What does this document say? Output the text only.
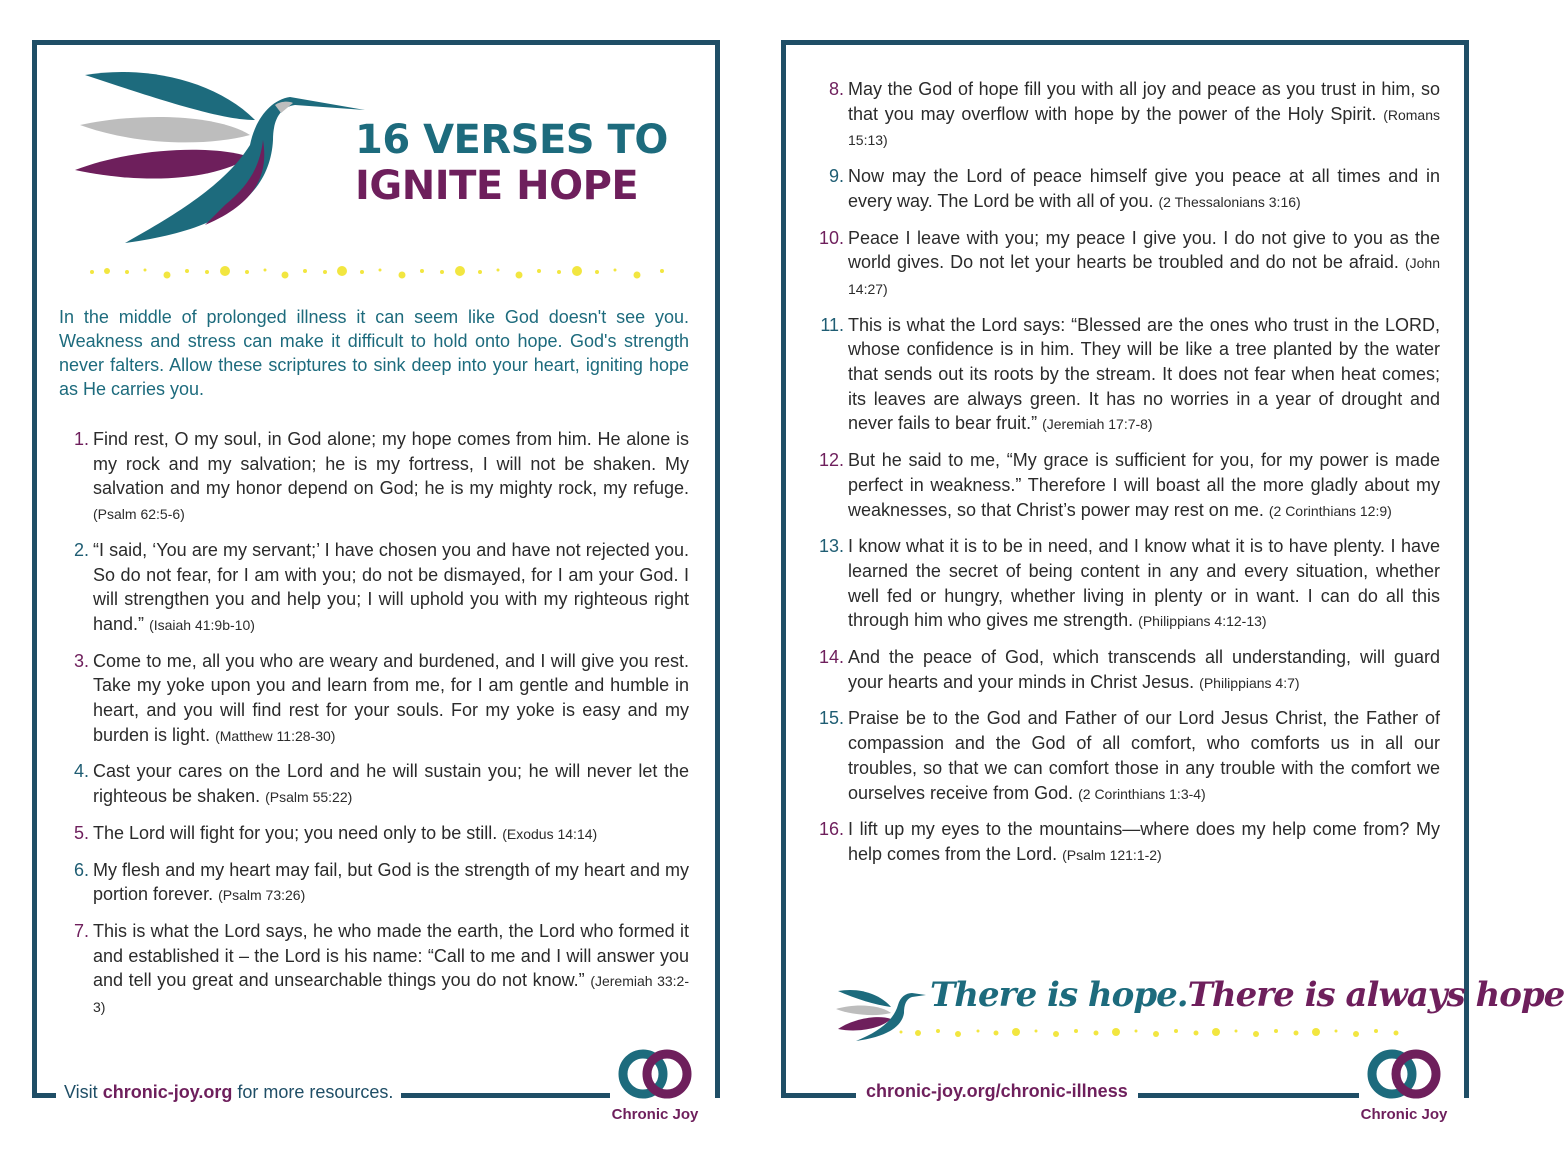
16 VERSES TO
IGNITE HOPE

In the middle of prolonged illness it can seem like God doesn't see you. Weakness and stress can make it difficult to hold onto hope. God's strength never falters. Allow these scriptures to sink deep into your heart, igniting hope as He carries you.

1. Find rest, O my soul, in God alone; my hope comes from him. He alone is my rock and my salvation; he is my fortress, I will not be shaken. My salvation and my honor depend on God; he is my mighty rock, my refuge. (Psalm 62:5-6)
2. “I said, ‘You are my servant;’ I have chosen you and have not rejected you. So do not fear, for I am with you; do not be dismayed, for I am your God. I will strengthen you and help you; I will uphold you with my righteous right hand.” (Isaiah 41:9b-10)
3. Come to me, all you who are weary and burdened, and I will give you rest. Take my yoke upon you and learn from me, for I am gentle and humble in heart, and you will find rest for your souls. For my yoke is easy and my burden is light. (Matthew 11:28-30)
4. Cast your cares on the Lord and he will sustain you; he will never let the righteous be shaken. (Psalm 55:22)
5. The Lord will fight for you; you need only to be still. (Exodus 14:14)
6. My flesh and my heart may fail, but God is the strength of my heart and my portion forever. (Psalm 73:26)
7. This is what the Lord says, he who made the earth, the Lord who formed it and established it – the Lord is his name: “Call to me and I will answer you and tell you great and unsearchable things you do not know.” (Jeremiah 33:2-3)
Visit chronic-joy.org for more resources.
Chronic Joy
8. May the God of hope fill you with all joy and peace as you trust in him, so that you may overflow with hope by the power of the Holy Spirit. (Romans 15:13)
9. Now may the Lord of peace himself give you peace at all times and in every way. The Lord be with all of you. (2 Thessalonians 3:16)
10. Peace I leave with you; my peace I give you. I do not give to you as the world gives. Do not let your hearts be troubled and do not be afraid. (John 14:27)
11. This is what the Lord says: “Blessed are the ones who trust in the LORD, whose confidence is in him. They will be like a tree planted by the water that sends out its roots by the stream. It does not fear when heat comes; its leaves are always green. It has no worries in a year of drought and never fails to bear fruit.” (Jeremiah 17:7-8)
12. But he said to me, “My grace is sufficient for you, for my power is made perfect in weakness.” Therefore I will boast all the more gladly about my weaknesses, so that Christ’s power may rest on me. (2 Corinthians 12:9)
13. I know what it is to be in need, and I know what it is to have plenty. I have learned the secret of being content in any and every situation, whether well fed or hungry, whether living in plenty or in want. I can do all this through him who gives me strength. (Philippians 4:12-13)
14. And the peace of God, which transcends all understanding, will guard your hearts and your minds in Christ Jesus. (Philippians 4:7)
15. Praise be to the God and Father of our Lord Jesus Christ, the Father of compassion and the God of all comfort, who comforts us in all our troubles, so that we can comfort those in any trouble with the comfort we ourselves receive from God. (2 Corinthians 1:3-4)
16. I lift up my eyes to the mountains—where does my help come from? My help comes from the Lord. (Psalm 121:1-2)
There is hope.There is always hope
chronic-joy.org/chronic-illness
Chronic Joy
